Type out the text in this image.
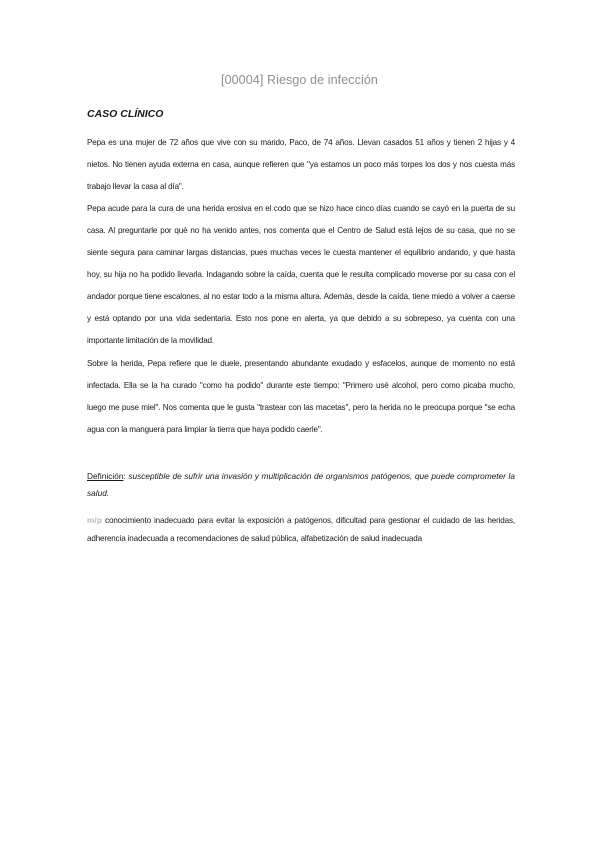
[00004] Riesgo de infección
CASO CLÍNICO

Pepa es una mujer de 72 años que vive con su marido, Paco, de 74 años. Llevan casados 51 años y tienen 2 hijas y 4 nietos. No tienen ayuda externa en casa, aunque refieren que "ya estamos un poco más torpes los dos y nos cuesta más trabajo llevar la casa al día".

Pepa acude para la cura de una herida erosiva en el codo que se hizo hace cinco días cuando se cayó en la puerta de su casa. Al preguntarle por qué no ha venido antes, nos comenta que el Centro de Salud está lejos de su casa, que no se siente segura para caminar largas distancias, pues muchas veces le cuesta mantener el equilibrio andando, y que hasta hoy, su hija no ha podido llevarla. Indagando sobre la caída, cuenta que le resulta complicado moverse por su casa con el andador porque tiene escalones, al no estar todo a la misma altura. Además, desde la caída, tiene miedo a volver a caerse y está optando por una vida sedentaria. Esto nos pone en alerta, ya que debido a su sobrepeso, ya cuenta con una importante limitación de la movilidad.

Sobre la herida, Pepa refiere que le duele, presentando abundante exudado y esfacelos, aunque de momento no está infectada. Ella se la ha curado "como ha podido" durante este tiempo: "Primero usé alcohol, pero como picaba mucho, luego me puse miel". Nos comenta que le gusta "trastear con las macetas", pero la herida no le preocupa porque "se echa agua con la manguera para limpiar la tierra que haya podido caerle".

Definición: susceptible de sufrir una invasión y multiplicación de organismos patógenos, que puede comprometer la salud.

m/p conocimiento inadecuado para evitar la exposición a patógenos, dificultad para gestionar el cuidado de las heridas, adherencia inadecuada a recomendaciones de salud pública, alfabetización de salud inadecuada
